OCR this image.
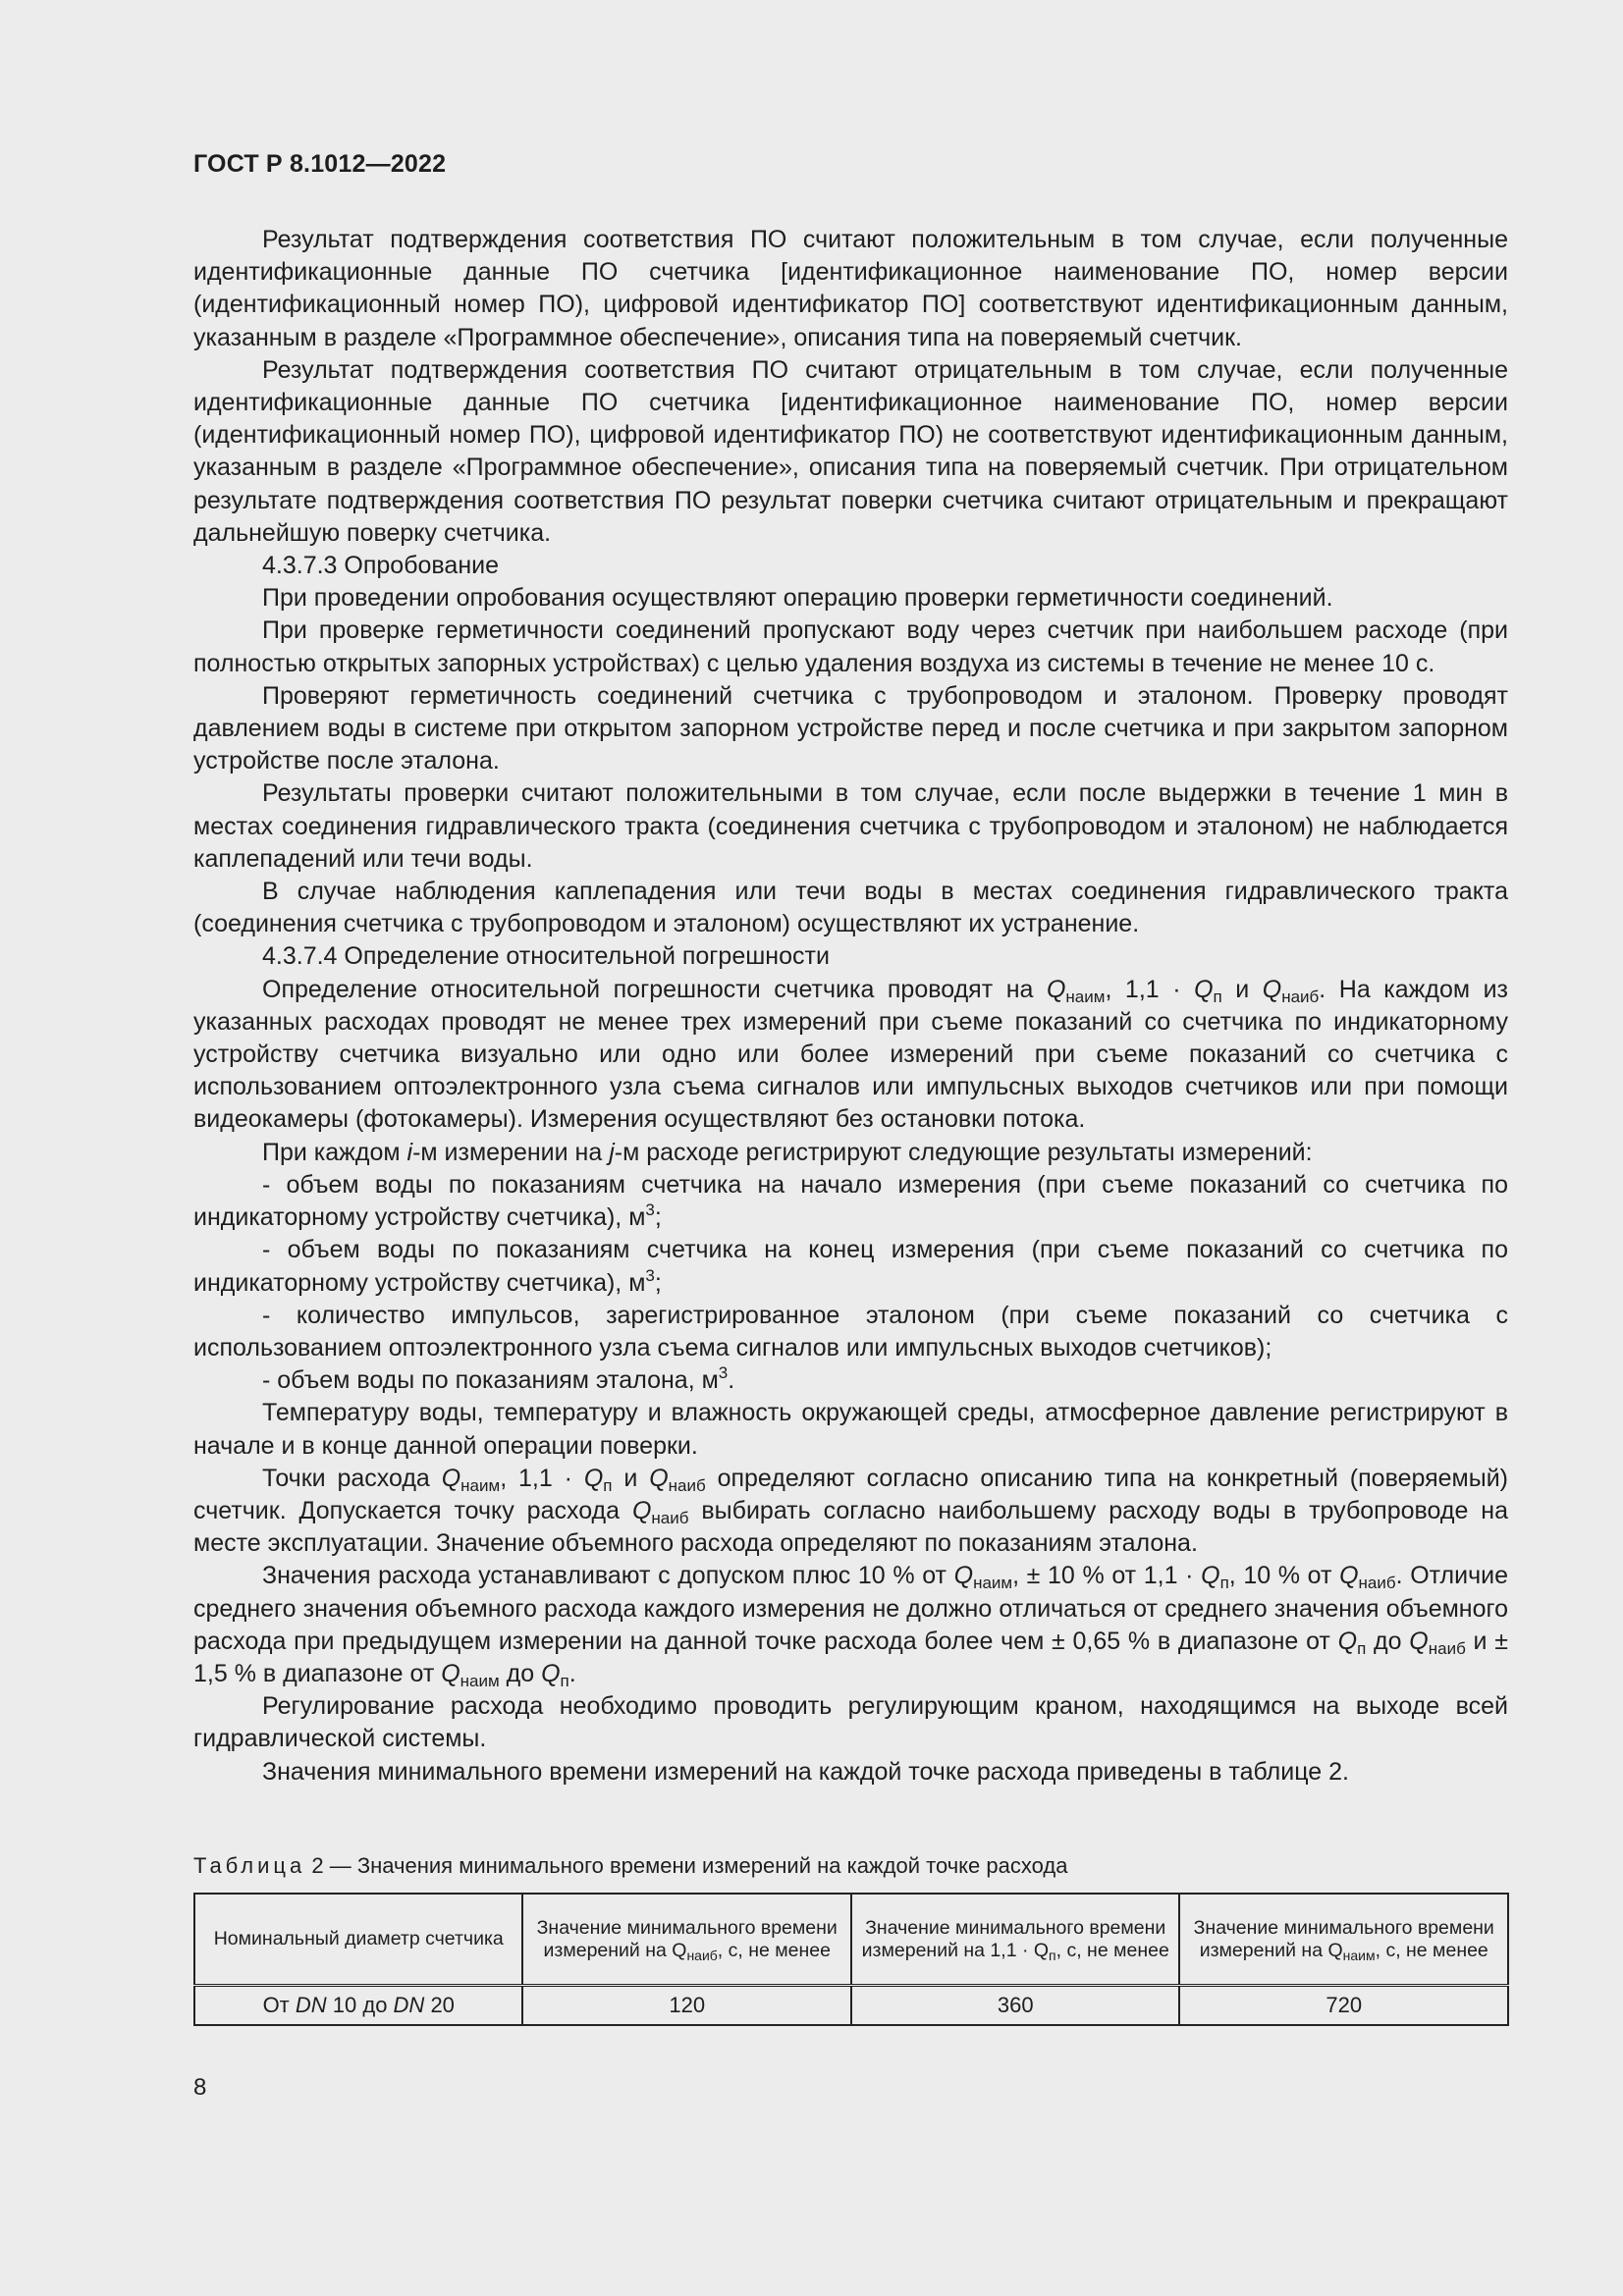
ГОСТ Р 8.1012—2022

Результат подтверждения соответствия ПО считают положительным в том случае, если полученные идентификационные данные ПО счетчика [идентификационное наименование ПО, номер версии (идентификационный номер ПО), цифровой идентификатор ПО] соответствуют идентификационным данным, указанным в разделе «Программное обеспечение», описания типа на поверяемый счетчик.

Результат подтверждения соответствия ПО считают отрицательным в том случае, если полученные идентификационные данные ПО счетчика [идентификационное наименование ПО, номер версии (идентификационный номер ПО), цифровой идентификатор ПО) не соответствуют идентификационным данным, указанным в разделе «Программное обеспечение», описания типа на поверяемый счетчик. При отрицательном результате подтверждения соответствия ПО результат поверки счетчика считают отрицательным и прекращают дальнейшую поверку счетчика.

4.3.7.3 Опробование

При проведении опробования осуществляют операцию проверки герметичности соединений.

При проверке герметичности соединений пропускают воду через счетчик при наибольшем расходе (при полностью открытых запорных устройствах) с целью удаления воздуха из системы в течение не менее 10 с.

Проверяют герметичность соединений счетчика с трубопроводом и эталоном. Проверку проводят давлением воды в системе при открытом запорном устройстве перед и после счетчика и при закрытом запорном устройстве после эталона.

Результаты проверки считают положительными в том случае, если после выдержки в течение 1 мин в местах соединения гидравлического тракта (соединения счетчика с трубопроводом и эталоном) не наблюдается каплепадений или течи воды.

В случае наблюдения каплепадения или течи воды в местах соединения гидравлического тракта (соединения счетчика с трубопроводом и эталоном) осуществляют их устранение.

4.3.7.4 Определение относительной погрешности

Определение относительной погрешности счетчика проводят на $Q_{наим}$, $1,1 \cdot Q_п$ и $Q_{наиб}$. На каждом из указанных расходах проводят не менее трех измерений при съеме показаний со счетчика по индикаторному устройству счетчика визуально или одно или более измерений при съеме показаний со счетчика с использованием оптоэлектронного узла съема сигналов или импульсных выходов счетчиков или при помощи видеокамеры (фотокамеры). Измерения осуществляют без остановки потока.

При каждом i-м измерении на j-м расходе регистрируют следующие результаты измерений:

- объем воды по показаниям счетчика на начало измерения (при съеме показаний со счетчика по индикаторному устройству счетчика), $м^3$;

- объем воды по показаниям счетчика на конец измерения (при съеме показаний со счетчика по индикаторному устройству счетчика), $м^3$;

- количество импульсов, зарегистрированное эталоном (при съеме показаний со счетчика с использованием оптоэлектронного узла съема сигналов или импульсных выходов счетчиков);

- объем воды по показаниям эталона, $м^3$.

Температуру воды, температуру и влажность окружающей среды, атмосферное давление регистрируют в начале и в конце данной операции поверки.

Точки расхода $Q_{наим}$, $1,1 \cdot Q_п$ и $Q_{наиб}$ определяют согласно описанию типа на конкретный (поверяемый) счетчик. Допускается точку расхода $Q_{наиб}$ выбирать согласно наибольшему расходу воды в трубопроводе на месте эксплуатации. Значение объемного расхода определяют по показаниям эталона.

Значения расхода устанавливают с допуском плюс 10 % от $Q_{наим}$, ± 10 % от $1,1 \cdot Q_п$, 10 % от $Q_{наиб}$. Отличие среднего значения объемного расхода каждого измерения не должно отличаться от среднего значения объемного расхода при предыдущем измерении на данной точке расхода более чем ± 0,65 % в диапазоне от $Q_п$ до $Q_{наиб}$ и ± 1,5 % в диапазоне от $Q_{наим}$ до $Q_п$.

Регулирование расхода необходимо проводить регулирующим краном, находящимся на выходе всей гидравлической системы.

Значения минимального времени измерений на каждой точке расхода приведены в таблице 2.

Таблица 2 — Значения минимального времени измерений на каждой точке расхода
Номинальный диаметр счетчика	Значение минимального времени измерений на $Q_{наиб}$, с, не менее	Значение минимального времени измерений на $1,1 \cdot Q_п$, с, не менее	Значение минимального времени измерений на $Q_{наим}$, с, не менее
От DN 10 до DN 20	120	360	720
8
